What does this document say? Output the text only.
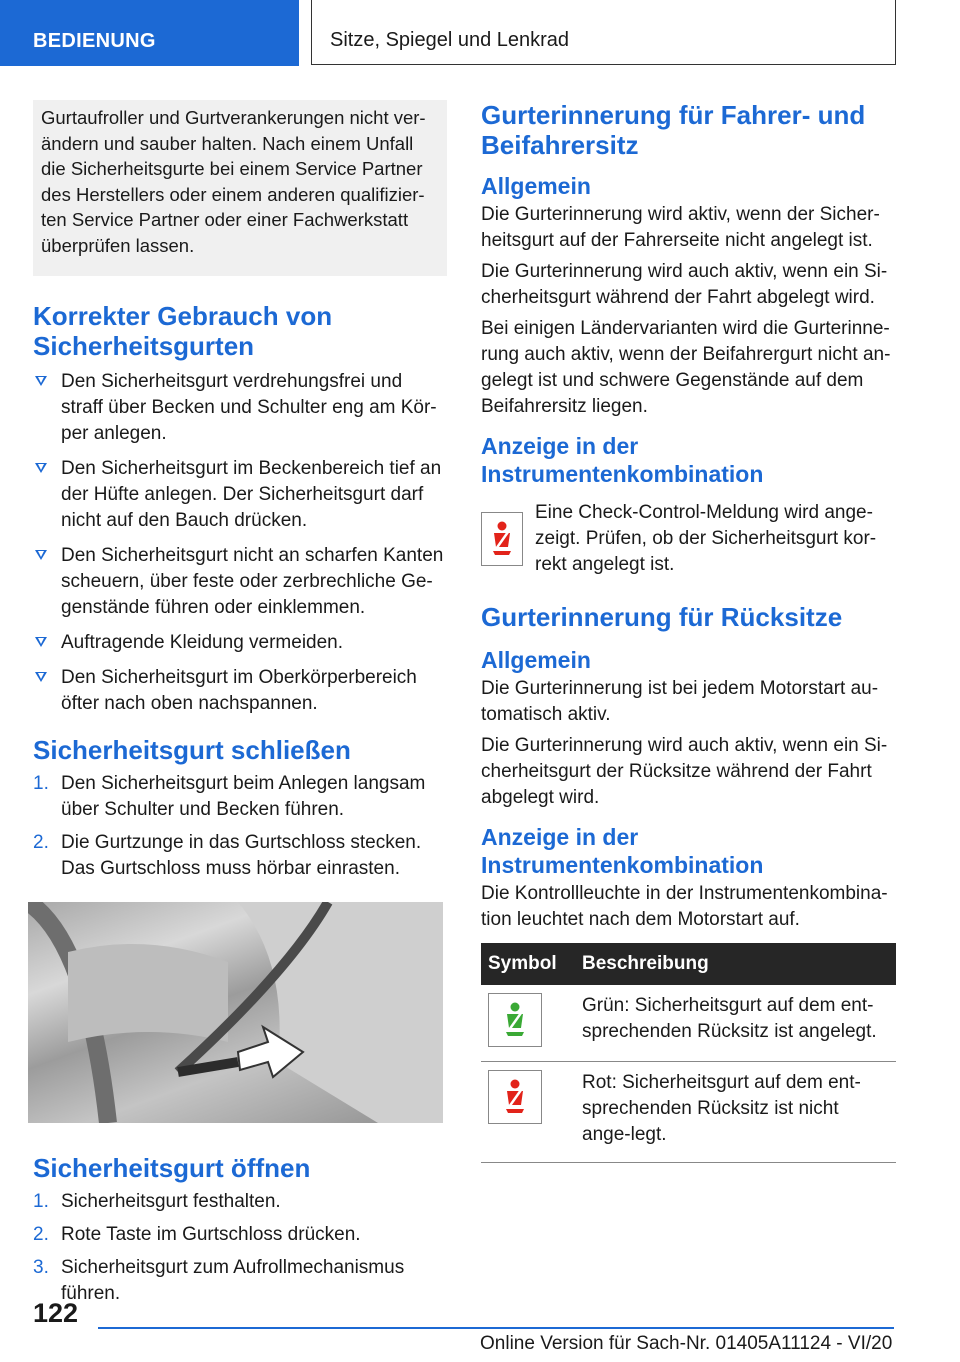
BEDIENUNG	Sitze, Spiegel und Lenkrad

Gurtaufroller und Gurtverankerungen nicht ver-ändern und sauber halten. Nach einem Unfall die Sicherheitsgurte bei einem Service Partner des Herstellers oder einem anderen qualifizier-ten Service Partner oder einer Fachwerkstatt überprüfen lassen.

Korrekter Gebrauch von Sicherheitsgurten
Den Sicherheitsgurt verdrehungsfrei und straff über Becken und Schulter eng am Kör-per anlegen.
Den Sicherheitsgurt im Beckenbereich tief an der Hüfte anlegen. Der Sicherheitsgurt darf nicht auf den Bauch drücken.
Den Sicherheitsgurt nicht an scharfen Kanten scheuern, über feste oder zerbrechliche Ge-genstände führen oder einklemmen.
Auftragende Kleidung vermeiden.
Den Sicherheitsgurt im Oberkörperbereich öfter nach oben nachspannen.
Sicherheitsgurt schließen
1. Den Sicherheitsgurt beim Anlegen langsam über Schulter und Becken führen.
2. Die Gurtzunge in das Gurtschloss stecken. Das Gurtschloss muss hörbar einrasten.
Sicherheitsgurt öffnen
1. Sicherheitsgurt festhalten.
2. Rote Taste im Gurtschloss drücken.
3. Sicherheitsgurt zum Aufrollmechanismus führen.
Gurterinnerung für Fahrer- und Beifahrersitz
Allgemein

Die Gurterinnerung wird aktiv, wenn der Sicher-heitsgurt auf der Fahrerseite nicht angelegt ist.

Die Gurterinnerung wird auch aktiv, wenn ein Si-cherheitsgurt während der Fahrt abgelegt wird.

Bei einigen Ländervarianten wird die Gurterinne-rung auch aktiv, wenn der Beifahrergurt nicht an-gelegt ist und schwere Gegenstände auf dem Beifahrersitz liegen.

Anzeige in der Instrumentenkombination

Eine Check-Control-Meldung wird ange-zeigt. Prüfen, ob der Sicherheitsgurt kor-rekt angelegt ist.

Gurterinnerung für Rücksitze
Allgemein

Die Gurterinnerung ist bei jedem Motorstart au-tomatisch aktiv.

Die Gurterinnerung wird auch aktiv, wenn ein Si-cherheitsgurt der Rücksitze während der Fahrt abgelegt wird.

Anzeige in der Instrumentenkombination

Die Kontrollleuchte in der Instrumentenkombina-tion leuchtet nach dem Motorstart auf.

Symbol	Beschreibung

	Grün: Sicherheitsgurt auf dem ent-sprechenden Rücksitz ist angelegt.

	Rot: Sicherheitsgurt auf dem ent-sprechenden Rücksitz ist nicht ange-legt.
122
Online Version für Sach-Nr. 01405A11124 - VI/20
